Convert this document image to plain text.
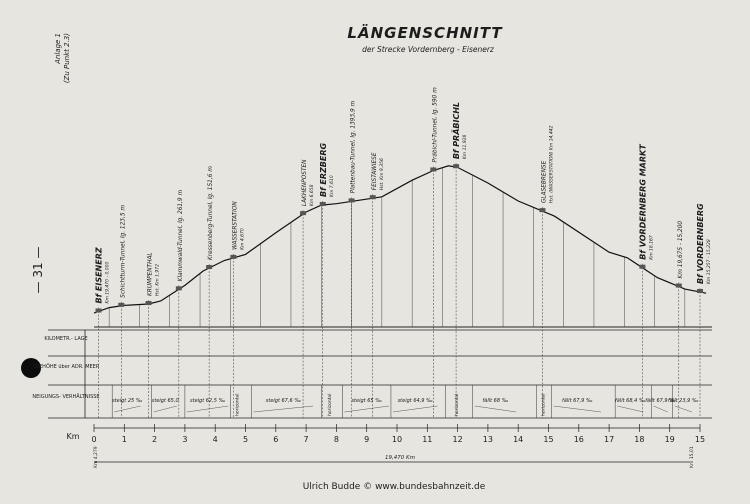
LÄNGENSCHNITT
der Strecke Vordernberg - Eisenerz
Anlage 1 (Zu Punkt 2.3)
— 31 —
KILOMETR.- LAGE
SEEHÖHE über ADR. MEER
NEIGUNGS- VERHÄLTNISSE
Km
Bf EISENERZ Km 19,470 - 0,000 Schichtturm-Tunnel, lg. 123,5 m	KRUMPENTHAL Hst. Km 1,972	Klammwald-Tunnel, lg. 261,9 m	Kressenberg-Tunnel, lg. 151,6 m	WASSERSTATION Km 4,670
LAKHENPOSTEN Km 6,658 Bf ERZBERG Km 7,610	Plattenbau-Tunnel, lg. 1393,9 m	FEISTAWIESE Hst. Km 9,356
Präbichl-Tunnel, lg. 590 m Bf PRÄBICHL Km 11,928
GLASEBRENSE Hst. (WASSERSTATION) Km 14,442	Bf VORDERNBERG MARKT Km 18,167	Km 19,675 - 15,200 Bf VORDERNBERG Km 15,257 - 15,228
steigt 25 ‰ steigt 65,0 steigt 62,5 ‰ horizontal	steigt 67,6 ‰	horizontal	steigt 65 ‰	steigt 64,9 ‰	horizontal	fällt 68 ‰	horizontal	fällt 67,9 ‰	fällt 68,4 ‰ fällt 67,9 ‰
fällt 23,9 ‰
0	1	2	3	4	5	6	7	8	9	10	11	12	13	14	15	16	17	18	19	15
19,470 Km
Km 4,279	Km 15,01
Ulrich Budde © www.bundesbahnzeit.de
